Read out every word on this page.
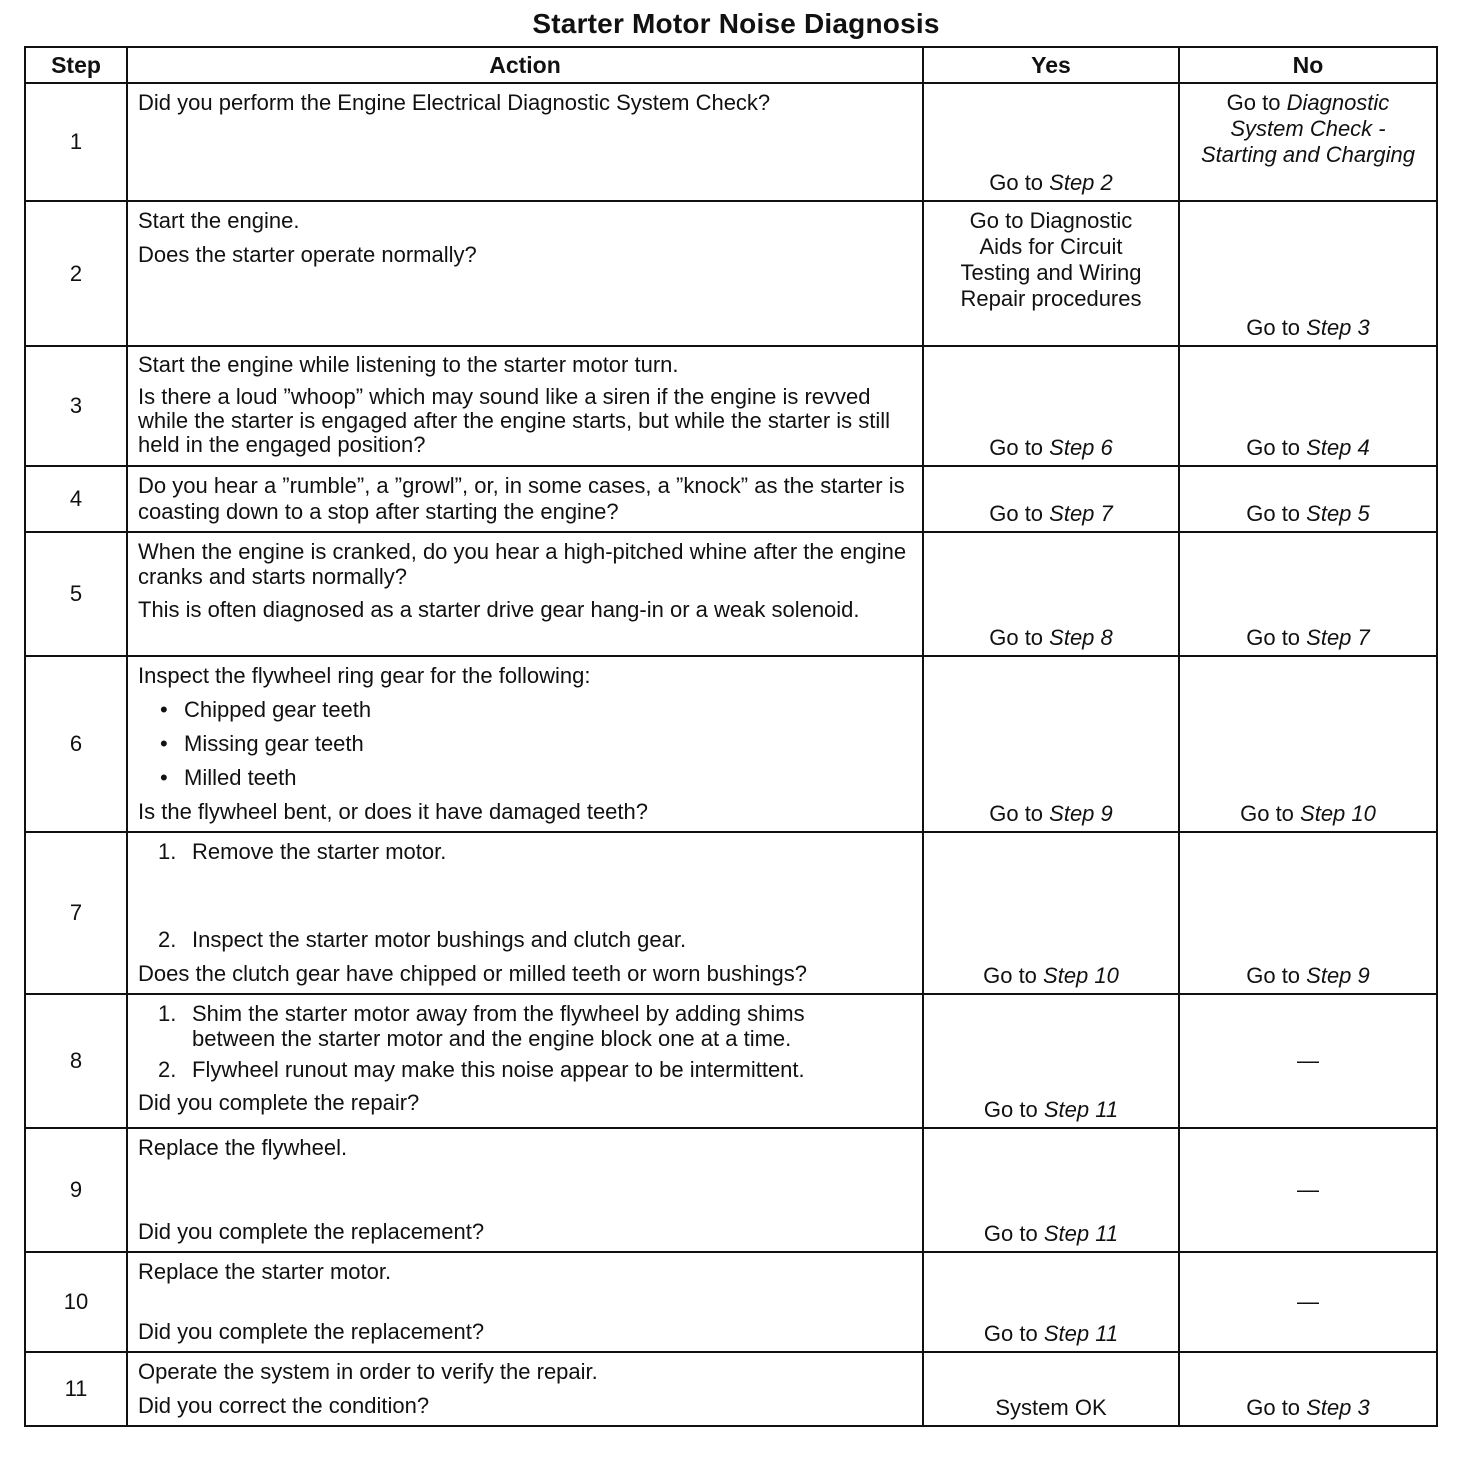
Starter Motor Noise Diagnosis
Step	Action	Yes	No
1	Did you perform the Engine Electrical Diagnostic System Check?	Go to Step 2	Go to Diagnostic
System Check -
Starting and Charging

2	Start the engine.
Does the starter operate normally?	Go to Diagnostic
Aids for Circuit
Testing and Wiring
Repair procedures	Go to Step 3

3	Start the engine while listening to the starter motor turn.
Is there a loud ”whoop” which may sound like a siren if the engine is revved while the starter is engaged after the engine starts, but while the starter is still held in the engaged position?	Go to Step 6	Go to Step 4

4	Do you hear a ”rumble”, a ”growl”, or, in some cases, a ”knock” as the starter is coasting down to a stop after starting the engine?	Go to Step 7	Go to Step 5

5	When the engine is cranked, do you hear a high-pitched whine after the engine cranks and starts normally?
This is often diagnosed as a starter drive gear hang-in or a weak solenoid.	Go to Step 8	Go to Step 7

6	Inspect the flywheel ring gear for the following:
• Chipped gear teeth
• Missing gear teeth
• Milled teeth
Is the flywheel bent, or does it have damaged teeth?	Go to Step 9	Go to Step 10

7	1. Remove the starter motor.
2. Inspect the starter motor bushings and clutch gear.
Does the clutch gear have chipped or milled teeth or worn bushings?	Go to Step 10	Go to Step 9

8	1. Shim the starter motor away from the flywheel by adding shims
between the starter motor and the engine block one at a time.
2. Flywheel runout may make this noise appear to be intermittent.
Did you complete the repair?	Go to Step 11	—

9	Replace the flywheel.
Did you complete the replacement?	Go to Step 11	—

10	Replace the starter motor.
Did you complete the replacement?	Go to Step 11	—

11	Operate the system in order to verify the repair.
Did you correct the condition?	System OK	Go to Step 3
